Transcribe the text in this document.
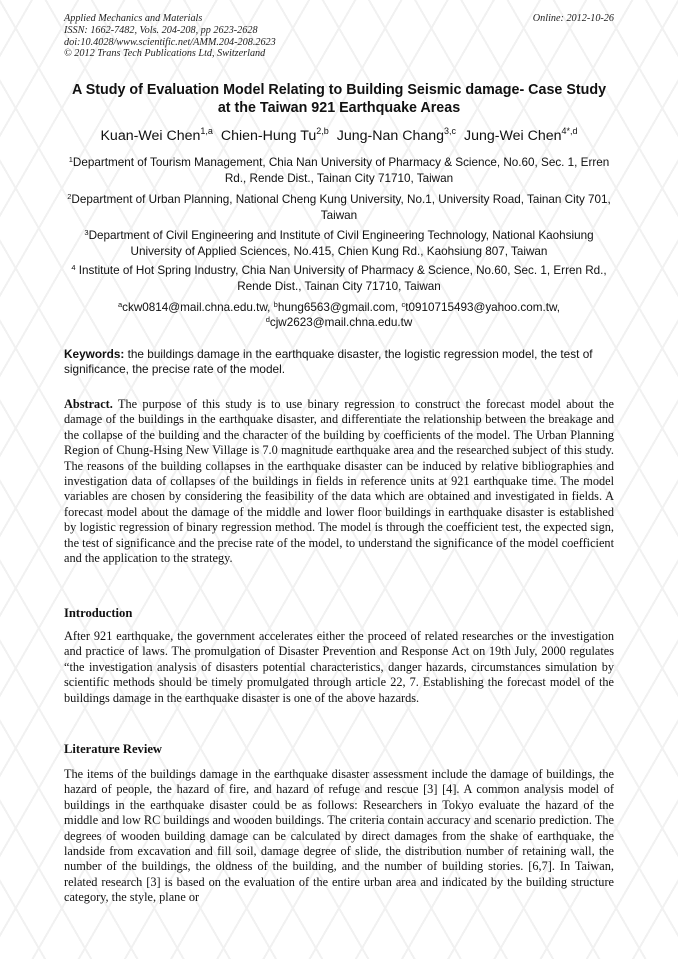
Applied Mechanics and Materials
ISSN: 1662-7482, Vols. 204-208, pp 2623-2628
doi:10.4028/www.scientific.net/AMM.204-208.2623
© 2012 Trans Tech Publications Ltd, Switzerland
Online: 2012-10-26
A Study of Evaluation Model Relating to Building Seismic damage- Case Study at the Taiwan 921 Earthquake Areas
Kuan-Wei Chen$^{1,a}$ Chien-Hung Tu$^{2,b}$ Jung-Nan Chang$^{3,c}$ Jung-Wei Chen$^{4*,d}$
$^1$Department of Tourism Management, Chia Nan University of Pharmacy & Science, No.60, Sec. 1, Erren Rd., Rende Dist., Tainan City 71710, Taiwan
$^2$Department of Urban Planning, National Cheng Kung University, No.1, University Road, Tainan City 701, Taiwan
$^3$Department of Civil Engineering and Institute of Civil Engineering Technology, National Kaohsiung University of Applied Sciences, No.415, Chien Kung Rd., Kaohsiung 807, Taiwan
$^4$ Institute of Hot Spring Industry, Chia Nan University of Pharmacy & Science, No.60, Sec. 1, Erren Rd., Rende Dist., Tainan City 71710, Taiwan
$^a$ckw0814@mail.chna.edu.tw, $^b$hung6563@gmail.com, $^c$t0910715493@yahoo.com.tw,
$^d$cjw2623@mail.chna.edu.tw
Keywords: the buildings damage in the earthquake disaster, the logistic regression model, the test of significance, the precise rate of the model.
Abstract. The purpose of this study is to use binary regression to construct the forecast model about the damage of the buildings in the earthquake disaster, and differentiate the relationship between the breakage and the collapse of the building and the character of the building by coefficients of the model. The Urban Planning Region of Chung-Hsing New Village is 7.0 magnitude earthquake area and the researched subject of this study. The reasons of the building collapses in the earthquake disaster can be induced by relative bibliographies and investigation data of collapses of the buildings in fields in reference units at 921 earthquake time. The model variables are chosen by considering the feasibility of the data which are obtained and investigated in fields. A forecast model about the damage of the middle and lower floor buildings in earthquake disaster is established by logistic regression of binary regression method. The model is through the coefficient test, the expected sign, the test of significance and the precise rate of the model, to understand the significance of the model coefficient and the application to the strategy.
Introduction
After 921 earthquake, the government accelerates either the proceed of related researches or the investigation and practice of laws. The promulgation of Disaster Prevention and Response Act on 19th July, 2000 regulates “the investigation analysis of disasters potential characteristics, danger hazards, circumstances simulation by scientific methods should be timely promulgated through article 22, 7. Establishing the forecast model of the buildings damage in the earthquake disaster is one of the above hazards.
Literature Review
The items of the buildings damage in the earthquake disaster assessment include the damage of buildings, the hazard of people, the hazard of fire, and hazard of refuge and rescue [3] [4]. A common analysis model of buildings in the earthquake disaster could be as follows: Researchers in Tokyo evaluate the hazard of the middle and low RC buildings and wooden buildings. The criteria contain accuracy and scenario prediction. The degrees of wooden building damage can be calculated by direct damages from the shake of earthquake, the landside from excavation and fill soil, damage degree of slide, the distribution number of retaining wall, the number of the buildings, the oldness of the building, and the number of building stories. [6,7]. In Taiwan, related research [3] is based on the evaluation of the entire urban area and indicated by the building structure category, the style, plane or
